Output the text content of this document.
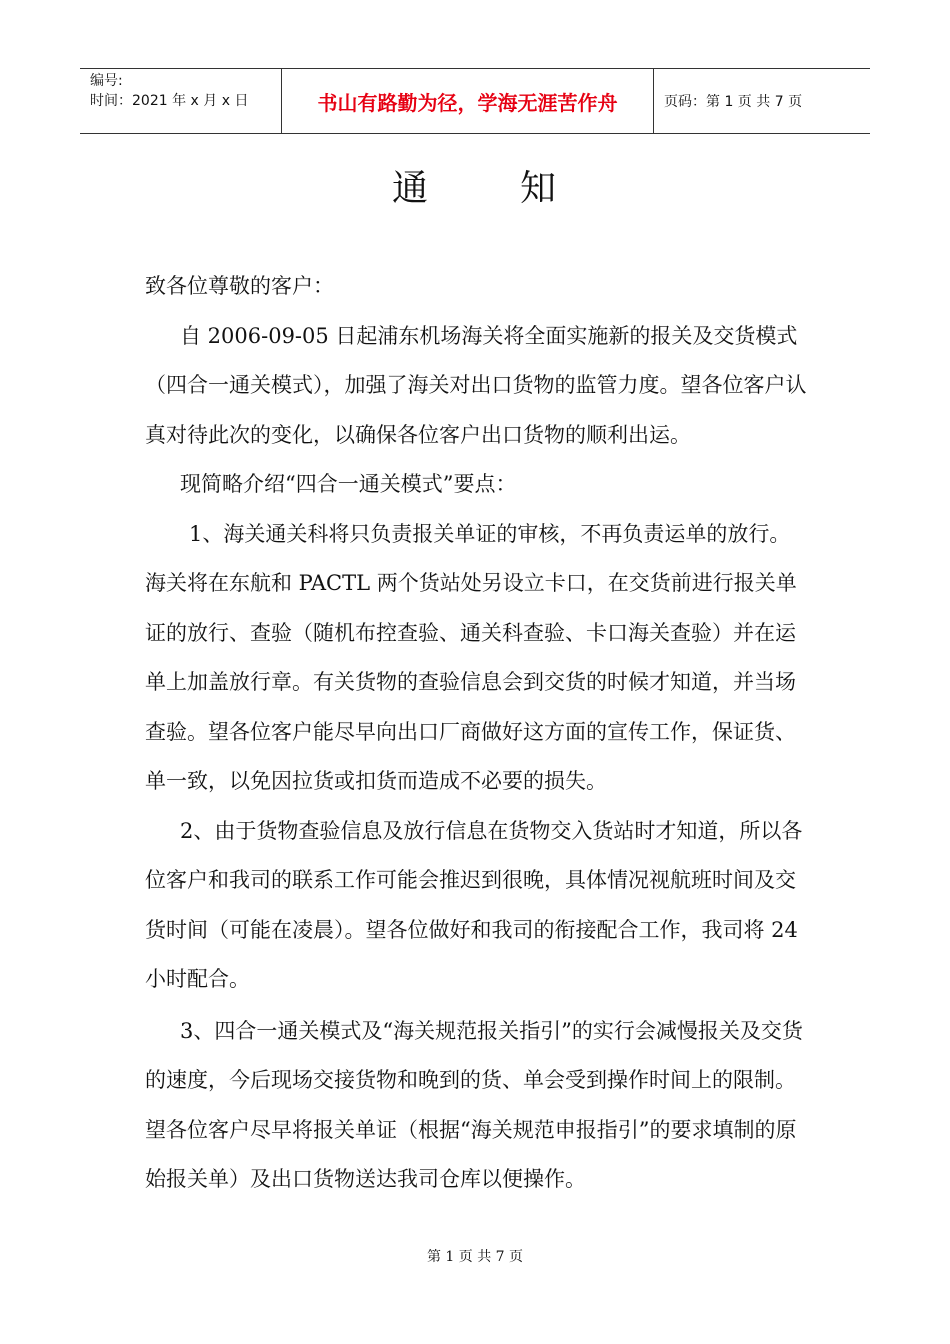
编号:
时间：2021 年 x 月 x 日	书山有路勤为径，学海无涯苦作舟	页码：第 1 页 共 7 页
通	知

致各位尊敬的客户：

自 2006-09-05 日起浦东机场海关将全面实施新的报关及交货模式（四合一通关模式），加强了海关对出口货物的监管力度。望各位客户认真对待此次的变化，以确保各位客户出口货物的顺利出运。

现简略介绍“四合一通关模式”要点：

1、海关通关科将只负责报关单证的审核，不再负责运单的放行。海关将在东航和 PACTL 两个货站处另设立卡口，在交货前进行报关单证的放行、查验（随机布控查验、通关科查验、卡口海关查验）并在运单上加盖放行章。有关货物的查验信息会到交货的时候才知道，并当场查验。望各位客户能尽早向出口厂商做好这方面的宣传工作，保证货、单一致，以免因拉货或扣货而造成不必要的损失。

2、由于货物查验信息及放行信息在货物交入货站时才知道，所以各位客户和我司的联系工作可能会推迟到很晚，具体情况视航班时间及交货时间（可能在凌晨）。望各位做好和我司的衔接配合工作，我司将 24 小时配合。

3、四合一通关模式及“海关规范报关指引”的实行会减慢报关及交货的速度，今后现场交接货物和晚到的货、单会受到操作时间上的限制。望各位客户尽早将报关单证（根据“海关规范申报指引”的要求填制的原始报关单）及出口货物送达我司仓库以便操作。

第 1 页 共 7 页
